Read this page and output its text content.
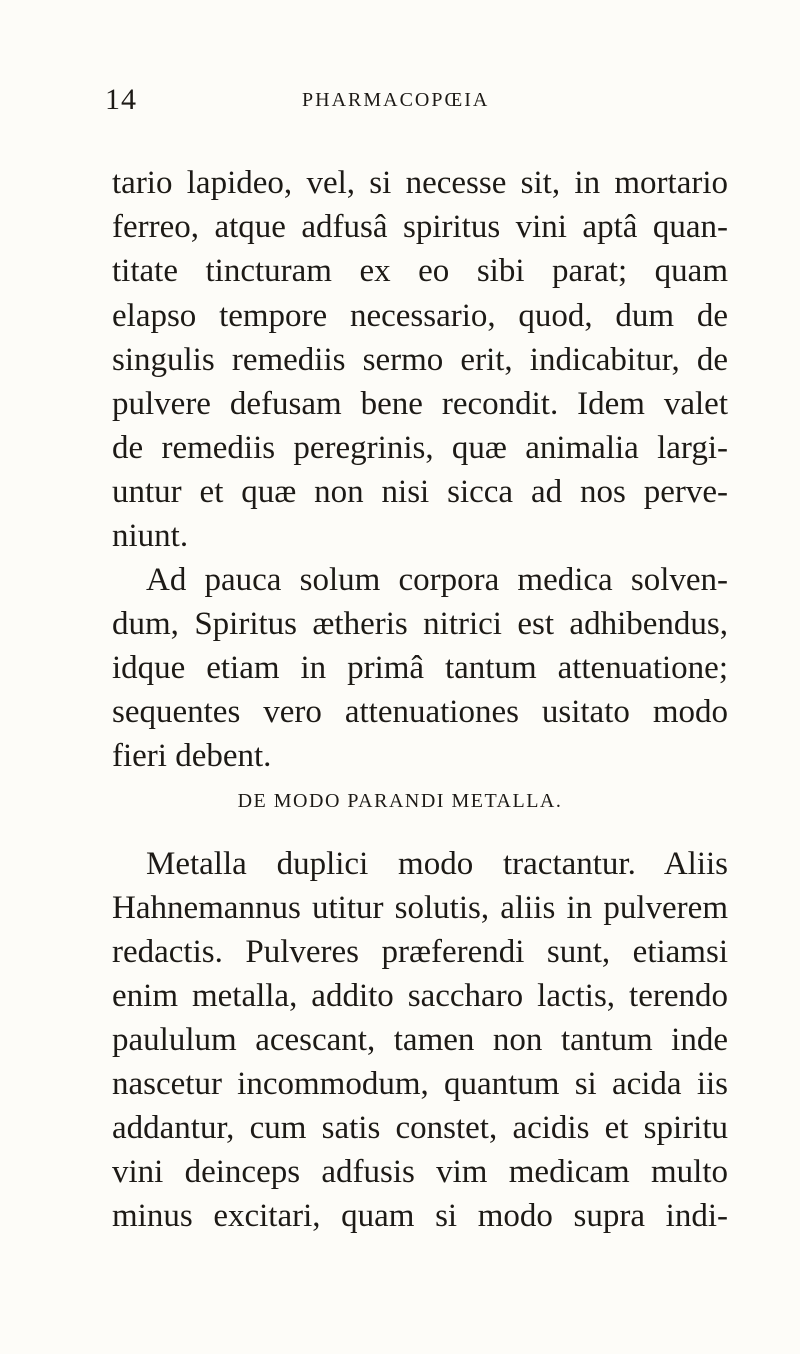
14	PHARMACOPŒIA
tario lapideo, vel, si necesse sit, in mortario
ferreo, atque adfusâ spiritus vini aptâ quan-
titate tincturam ex eo sibi parat; quam
elapso tempore necessario, quod, dum de
singulis remediis sermo erit, indicabitur, de
pulvere defusam bene recondit. Idem valet
de remediis peregrinis, quæ animalia largi-
untur et quæ non nisi sicca ad nos perve-
niunt.
Ad pauca solum corpora medica solven-
dum, Spiritus ætheris nitrici est adhibendus,
idque etiam in primâ tantum attenuatione;
sequentes vero attenuationes usitato modo
fieri debent.
DE MODO PARANDI METALLA.
Metalla duplici modo tractantur. Aliis
Hahnemannus utitur solutis, aliis in pulverem
redactis. Pulveres præferendi sunt, etiamsi
enim metalla, addito saccharo lactis, terendo
paululum acescant, tamen non tantum inde
nascetur incommodum, quantum si acida iis
addantur, cum satis constet, acidis et spiritu
vini deinceps adfusis vim medicam multo
minus excitari, quam si modo supra indi-
